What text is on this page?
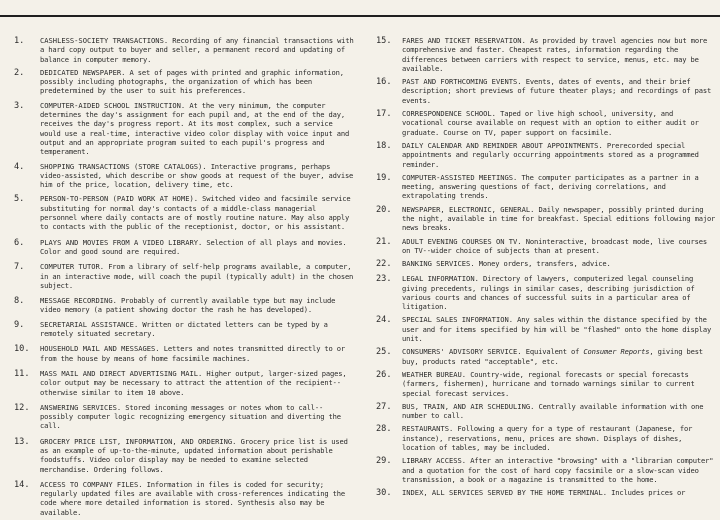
1.	CASHLESS-SOCIETY TRANSACTIONS. Recording of any financial transactions with a hard copy output to buyer and seller, a permanent record and updating of balance in computer memory.
2.	DEDICATED NEWSPAPER. A set of pages with printed and graphic information, possibly including photographs, the organization of which has been predetermined by the user to suit his preferences.
3.	COMPUTER-AIDED SCHOOL INSTRUCTION. At the very minimum, the computer determines the day's assignment for each pupil and, at the end of the day, receives the day's progress report. At its most complex, such a service would use a real-time, interactive video color display with voice input and output and an appropriate program suited to each pupil's progress and temperament.
4.	SHOPPING TRANSACTIONS (STORE CATALOGS). Interactive programs, perhaps video-assisted, which describe or show goods at request of the buyer, advise him of the price, location, delivery time, etc.
5.	PERSON-TO-PERSON (PAID WORK AT HOME). Switched video and facsimile service substituting for normal day's contacts of a middle-class managerial personnel where daily contacts are of mostly routine nature. May also apply to contacts with the public of the receptionist, doctor, or his assistant.
6.	PLAYS AND MOVIES FROM A VIDEO LIBRARY. Selection of all plays and movies. Color and good sound are required.
7.	COMPUTER TUTOR. From a library of self-help programs available, a computer, in an interactive mode, will coach the pupil (typically adult) in the chosen subject.
8.	MESSAGE RECORDING. Probably of currently available type but may include video memory (a patient showing doctor the rash he has developed).
9.	SECRETARIAL ASSISTANCE. Written or dictated letters can be typed by a remotely situated secretary.
10.	HOUSEHOLD MAIL AND MESSAGES. Letters and notes transmitted directly to or from the house by means of home facsimile machines.
11.	MASS MAIL AND DIRECT ADVERTISING MAIL. Higher output, larger-sized pages, color output may be necessary to attract the attention of the recipient--otherwise similar to item 10 above.
12.	ANSWERING SERVICES. Stored incoming messages or notes whom to call--possibly computer logic recognizing emergency situation and diverting the call.
13.	GROCERY PRICE LIST, INFORMATION, AND ORDERING. Grocery price list is used as an example of up-to-the-minute, updated information about perishable foodstuffs. Video color display may be needed to examine selected merchandise. Ordering follows.
14.	ACCESS TO COMPANY FILES. Information in files is coded for security; regularly updated files are available with cross-references indicating the code where more detailed information is stored. Synthesis also may be available.
15.	FARES AND TICKET RESERVATION. As provided by travel agencies now but more comprehensive and faster. Cheapest rates, information regarding the differences between carriers with respect to service, menus, etc. may be available.
16.	PAST AND FORTHCOMING EVENTS. Events, dates of events, and their brief description; short previews of future theater plays; and recordings of past events.
17.	CORRESPONDENCE SCHOOL. Taped or live high school, university, and vocational course available on request with an option to either audit or graduate. Course on TV, paper support on facsimile.
18.	DAILY CALENDAR AND REMINDER ABOUT APPOINTMENTS. Prerecorded special appointments and regularly occurring appointments stored as a programmed reminder.
19.	COMPUTER-ASSISTED MEETINGS. The computer participates as a partner in a meeting, answering questions of fact, deriving correlations, and extrapolating trends.
20.	NEWSPAPER, ELECTRONIC, GENERAL. Daily newspaper, possibly printed during the night, available in time for breakfast. Special editions following major news breaks.
21.	ADULT EVENING COURSES ON TV. Noninteractive, broadcast mode, live courses on TV--wider choice of subjects than at present.
22.	BANKING SERVICES. Money orders, transfers, advice.
23.	LEGAL INFORMATION. Directory of lawyers, computerized legal counseling giving precedents, rulings in similar cases, describing jurisdiction of various courts and chances of successful suits in a particular area of litigation.
24.	SPECIAL SALES INFORMATION. Any sales within the distance specified by the user and for items specified by him will be "flashed" onto the home display unit.
25.	CONSUMERS' ADVISORY SERVICE. Equivalent of Consumer Reports, giving best buy, products rated "acceptable", etc.
26.	WEATHER BUREAU. Country-wide, regional forecasts or special forecasts (farmers, fishermen), hurricane and tornado warnings similar to current special forecast services.
27.	BUS, TRAIN, AND AIR SCHEDULING. Centrally available information with one number to call.
28.	RESTAURANTS. Following a query for a type of restaurant (Japanese, for instance), reservations, menu, prices are shown. Displays of dishes, location of tables, may be included.
29.	LIBRARY ACCESS. After an interactive "browsing" with a "librarian computer" and a quotation for the cost of hard copy facsimile or a slow-scan video transmission, a book or a magazine is transmitted to the home.
30.	INDEX, ALL SERVICES SERVED BY THE HOME TERMINAL. Includes prices or
